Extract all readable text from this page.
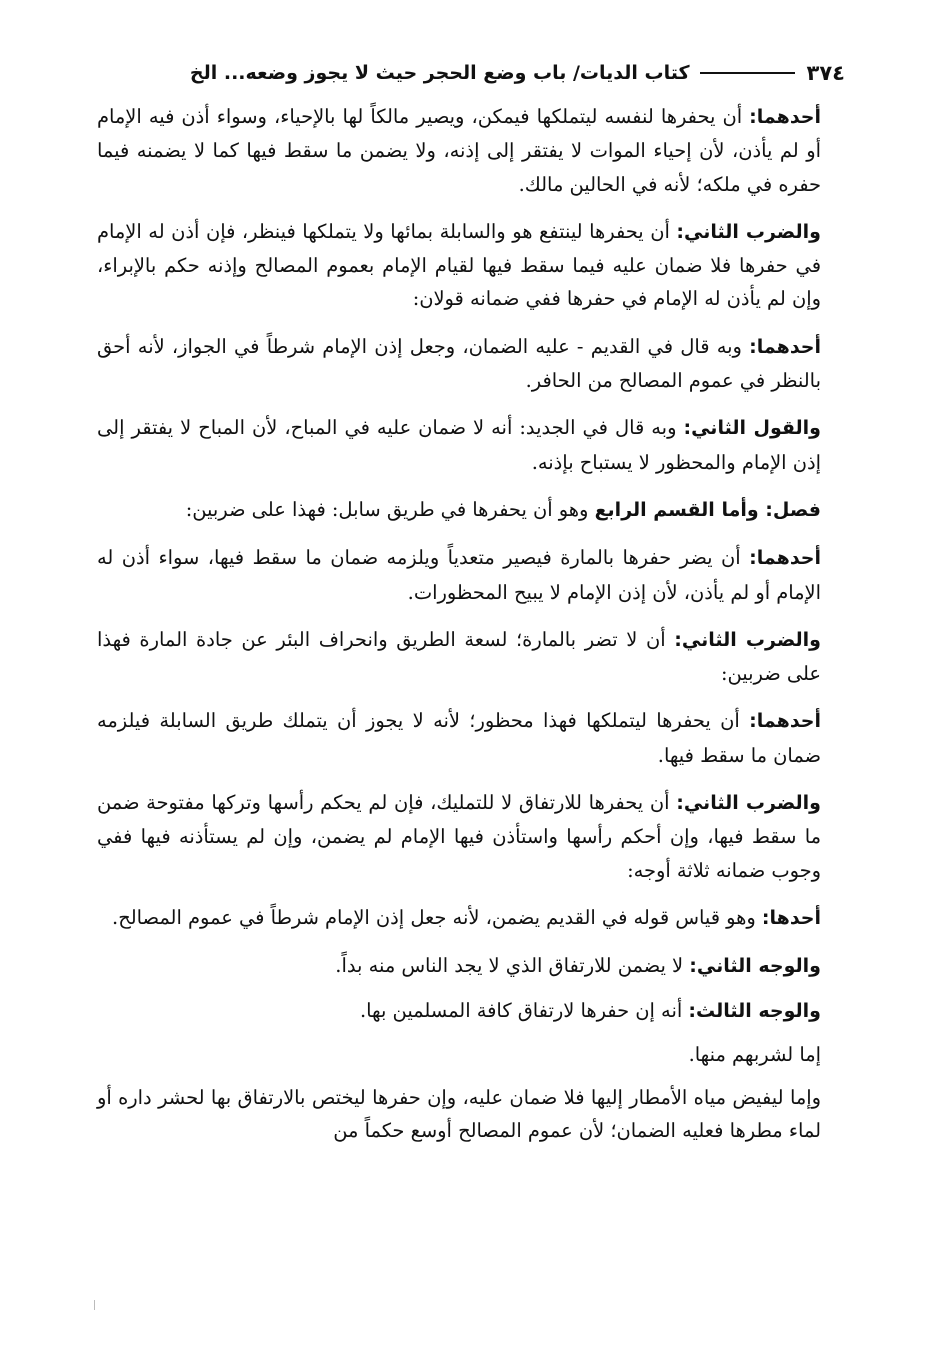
٣٧٤
كتاب الديات/ باب وضع الحجر حيث لا يجوز وضعه... الخ

أحدهما: أن يحفرها لنفسه ليتملكها فيمكن، ويصير مالكاً لها بالإحياء، وسواء أذن فيه الإمام أو لم يأذن، لأن إحياء الموات لا يفتقر إلى إذنه، ولا يضمن ما سقط فيها كما لا يضمنه فيما حفره في ملكه؛ لأنه في الحالين مالك.

والضرب الثاني: أن يحفرها لينتفع هو والسابلة بمائها ولا يتملكها فينظر، فإن أذن له الإمام في حفرها فلا ضمان عليه فيما سقط فيها لقيام الإمام بعموم المصالح وإذنه حكم بالإبراء، وإن لم يأذن له الإمام في حفرها ففي ضمانه قولان:

أحدهما: وبه قال في القديم - عليه الضمان، وجعل إذن الإمام شرطاً في الجواز، لأنه أحق بالنظر في عموم المصالح من الحافر.

والقول الثاني: وبه قال في الجديد: أنه لا ضمان عليه في المباح، لأن المباح لا يفتقر إلى إذن الإمام والمحظور لا يستباح بإذنه.

فصل: وأما القسم الرابع وهو أن يحفرها في طريق سابل: فهذا على ضربين:

أحدهما: أن يضر حفرها بالمارة فيصير متعدياً ويلزمه ضمان ما سقط فيها، سواء أذن له الإمام أو لم يأذن، لأن إذن الإمام لا يبيح المحظورات.

والضرب الثاني: أن لا تضر بالمارة؛ لسعة الطريق وانحراف البئر عن جادة المارة فهذا على ضربين:

أحدهما: أن يحفرها ليتملكها فهذا محظور؛ لأنه لا يجوز أن يتملك طريق السابلة فيلزمه ضمان ما سقط فيها.

والضرب الثاني: أن يحفرها للارتفاق لا للتمليك، فإن لم يحكم رأسها وتركها مفتوحة ضمن ما سقط فيها، وإن أحكم رأسها واستأذن فيها الإمام لم يضمن، وإن لم يستأذنه فيها ففي وجوب ضمانه ثلاثة أوجه:

أحدها: وهو قياس قوله في القديم يضمن، لأنه جعل إذن الإمام شرطاً في عموم المصالح.

والوجه الثاني: لا يضمن للارتفاق الذي لا يجد الناس منه بداً.

والوجه الثالث: أنه إن حفرها لارتفاق كافة المسلمين بها.

إما لشربهم منها.

وإما ليفيض مياه الأمطار إليها فلا ضمان عليه، وإن حفرها ليختص بالارتفاق بها لحشر داره أو لماء مطرها فعليه الضمان؛ لأن عموم المصالح أوسع حكماً من
